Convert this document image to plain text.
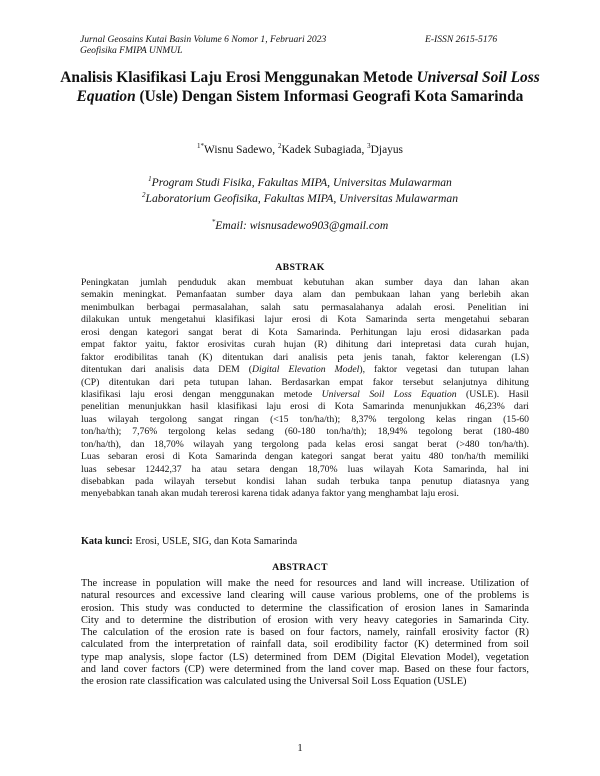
Jurnal Geosains Kutai Basin Volume 6 Nomor 1, Februari 2023
Geofisika FMIPA UNMUL
E-ISSN 2615-5176
Analisis Klasifikasi Laju Erosi Menggunakan Metode Universal Soil Loss Equation (Usle) Dengan Sistem Informasi Geografi Kota Samarinda
$^{1*}$Wisnu Sadewo, $^2$Kadek Subagiada, $^3$Djayus
$^1$Program Studi Fisika, Fakultas MIPA, Universitas Mulawarman
$^2$Laboratorium Geofisika, Fakultas MIPA, Universitas Mulawarman
*Email: wisnusadewo903@gmail.com
ABSTRAK
Peningkatan jumlah penduduk akan membuat kebutuhan akan sumber daya dan lahan akan
semakin meningkat. Pemanfaatan sumber daya alam dan pembukaan lahan yang berlebih akan
menimbulkan berbagai permasalahan, salah satu permasalahanya adalah erosi. Penelitian ini
dilakukan untuk mengetahui klasifikasi lajur erosi di Kota Samarinda serta mengetahui sebaran
erosi dengan kategori sangat berat di Kota Samarinda. Perhitungan laju erosi didasarkan pada
empat faktor yaitu, faktor erosivitas curah hujan (R) dihitung dari intepretasi data curah hujan,
faktor erodibilitas tanah (K) ditentukan dari analisis peta jenis tanah, faktor kelerengan (LS)
ditentukan dari analisis data DEM (Digital Elevation Model), faktor vegetasi dan tutupan lahan
(CP) ditentukan dari peta tutupan lahan. Berdasarkan empat fakor tersebut selanjutnya dihitung
klasifikasi laju erosi dengan menggunakan metode Universal Soil Loss Equation (USLE). Hasil
penelitian menunjukkan hasil klasifikasi laju erosi di Kota Samarinda menunjukkan 46,23% dari
luas wilayah tergolong sangat ringan (<15 ton/ha/th); 8,37% tergolong kelas ringan (15-60
ton/ha/th); 7,76% tergolong kelas sedang (60-180 ton/ha/th); 18,94% tegolong berat (180-480
ton/ha/th), dan 18,70% wilayah yang tergolong pada kelas erosi sangat berat (>480 ton/ha/th).
Luas sebaran erosi di Kota Samarinda dengan kategori sangat berat yaitu 480 ton/ha/th memiliki
luas sebesar 12442,37 ha atau setara dengan 18,70% luas wilayah Kota Samarinda, hal ini
disebabkan pada wilayah tersebut kondisi lahan sudah terbuka tanpa penutup diatasnya yang
menyebabkan tanah akan mudah tererosi karena tidak adanya faktor yang menghambat laju erosi.
Kata kunci: Erosi, USLE, SIG, dan Kota Samarinda
ABSTRACT
The increase in population will make the need for resources and land will increase. Utilization of
natural resources and excessive land clearing will cause various problems, one of the problems is
erosion. This study was conducted to determine the classification of erosion lanes in Samarinda
City and to determine the distribution of erosion with very heavy categories in Samarinda City.
The calculation of the erosion rate is based on four factors, namely, rainfall erosivity factor (R)
calculated from the interpretation of rainfall data, soil erodibility factor (K) determined from soil
type map analysis, slope factor (LS) determined from DEM (Digital Elevation Model), vegetation
and land cover factors (CP) were determined from the land cover map. Based on these four factors,
the erosion rate classification was calculated using the Universal Soil Loss Equation (USLE)
1
